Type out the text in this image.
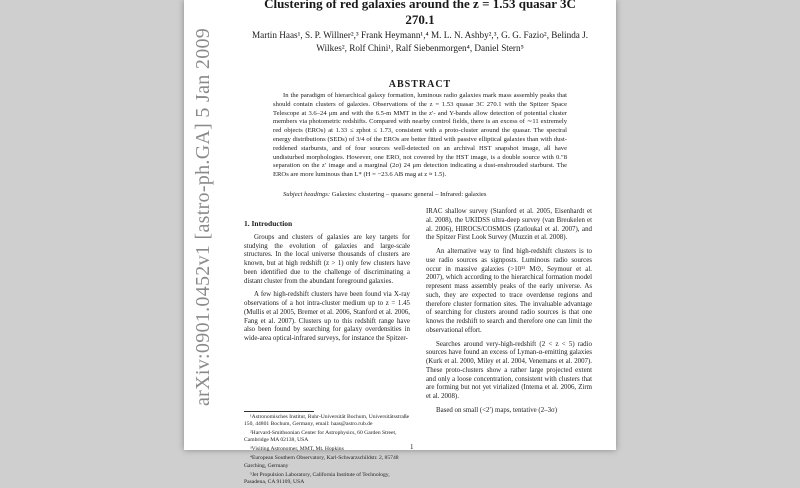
arXiv:0901.0452v1 [astro-ph.GA] 5 Jan 2009
Clustering of red galaxies around the z = 1.53 quasar 3C 270.1
Martin Haas¹, S. P. Willner²,³ Frank Heymann¹,⁴ M. L. N. Ashby²,³, G. G. Fazio², Belinda J. Wilkes², Rolf Chini¹, Ralf Siebenmorgen⁴, Daniel Stern⁵
ABSTRACT
In the paradigm of hierarchical galaxy formation, luminous radio galaxies mark mass assembly peaks that should contain clusters of galaxies. Observations of the z = 1.53 quasar 3C 270.1 with the Spitzer Space Telescope at 3.6–24 μm and with the 6.5-m MMT in the z′- and Y-bands allow detection of potential cluster members via photometric redshifts. Compared with nearby control fields, there is an excess of ∼11 extremely red objects (EROs) at 1.33 ≤ zphot ≤ 1.73, consistent with a proto-cluster around the quasar. The spectral energy distributions (SEDs) of 3/4 of the EROs are better fitted with passive elliptical galaxies than with dust-reddened starbursts, and of four sources well-detected on an archival HST snapshot image, all have undisturbed morphologies. However, one ERO, not covered by the HST image, is a double source with 0.″8 separation on the z′ image and a marginal (2σ) 24 μm detection indicating a dust-enshrouded starburst. The EROs are more luminous than L* (H = −23.6 AB mag at z ≈ 1.5).
Subject headings: Galaxies: clustering – quasars: general – Infrared: galaxies

1. Introduction

Groups and clusters of galaxies are key targets for studying the evolution of galaxies and large-scale structures. In the local universe thousands of clusters are known, but at high redshift (z > 1) only few clusters have been identified due to the challenge of discriminating a distant cluster from the abundant foreground galaxies.

A few high-redshift clusters have been found via X-ray observations of a hot intra-cluster medium up to z = 1.45 (Mullis et al 2005, Bremer et al. 2006, Stanford et al. 2006, Fang et al. 2007). Clusters up to this redshift range have also been found by searching for galaxy overdensities in wide-area optical-infrared surveys, for instance the Spitzer-

IRAC shallow survey (Stanford et al. 2005, Eisenhardt et al. 2008), the UKIDSS ultra-deep survey (van Breukelen et al. 2006), HIROCS/COSMOS (Zatloukal et al. 2007), and the Spitzer First Look Survey (Muzzin et al. 2008).

An alternative way to find high-redshift clusters is to use radio sources as signposts. Luminous radio sources occur in massive galaxies (>10¹¹ M⊙, Seymour et al. 2007), which according to the hierarchical formation model represent mass assembly peaks of the early universe. As such, they are expected to trace overdense regions and therefore cluster formation sites. The invaluable advantage of searching for clusters around radio sources is that one knows the redshift to search and therefore one can limit the observational effort.

Searches around very-high-redshift (2 < z < 5) radio sources have found an excess of Lyman-α-emitting galaxies (Kurk et al. 2000, Miley et al. 2004, Venemans et al. 2007). These proto-clusters show a rather large projected extent and only a loose concentration, consistent with clusters that are forming but not yet virialized (Intema et al. 2006, Zirm et al. 2008).

Based on small (<2′) maps, tentative (2–3σ)

¹Astronomisches Institut, Ruhr-Universität Bochum, Universitätsstraße 150, 44801 Bochum, Germany, email: haas@astro.rub.de

²Harvard-Smithsonian Center for Astrophysics, 60 Garden Street, Cambridge MA 02138, USA

³Visiting Astronomer, MMT, Mt. Hopkins

⁴European Southern Observatory, Karl-Schwarzschildstr. 2, 85748 Garching, Germany

⁵Jet Propulsion Laboratory, California Institute of Technology, Pasadena, CA 91109, USA

1
